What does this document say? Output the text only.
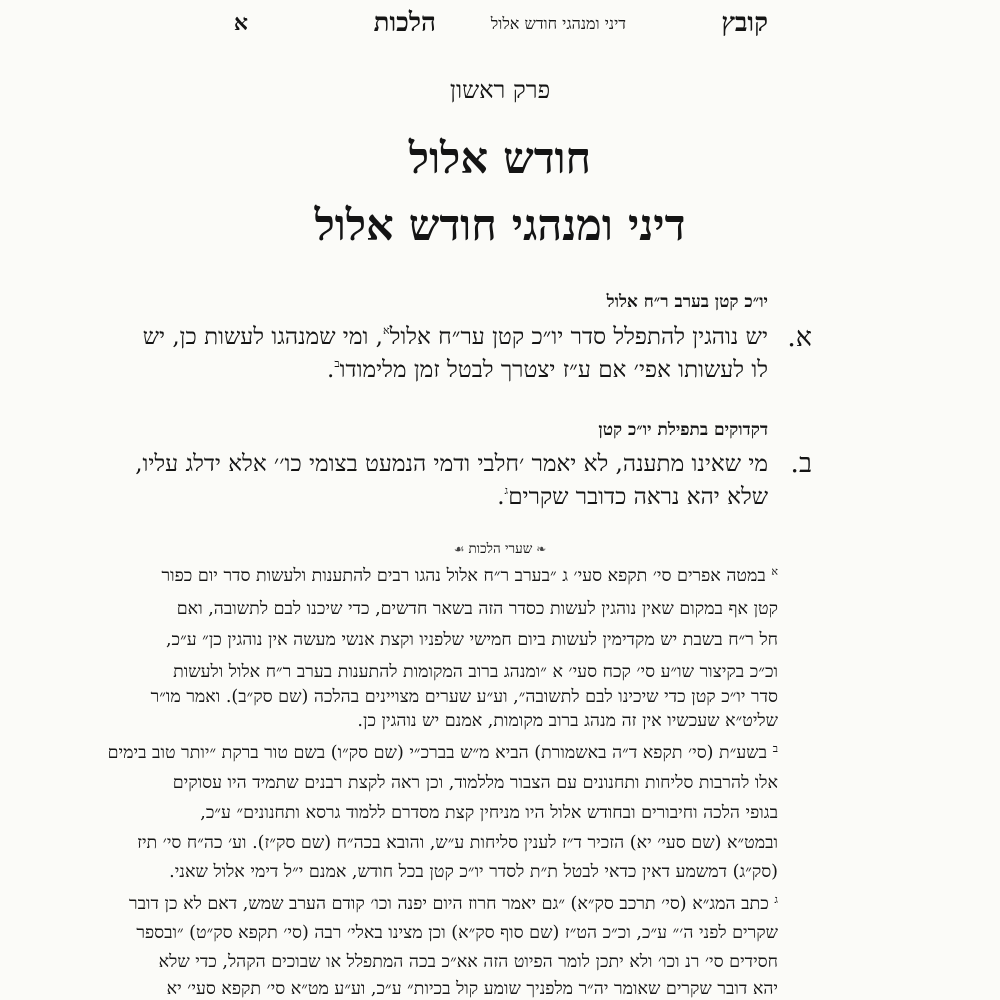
קובץ
דיני ומנהגי חודש אלול
הלכות
א
פרק ראשון
חודש אלול
דיני ומנהגי חודש אלול
יו״כ קטן בערב ר״ח אלול
א.
יש נוהגין להתפלל סדר יו״כ קטן ער״ח אלול$^א$, ומי שמנהגו לעשות כן, יש
לו לעשותו אפי׳ אם ע״ז יצטרך לבטל זמן מלימודו$^ב$.
דקדוקים בתפילת יו״כ קטן
ב.
מי שאינו מתענה, לא יאמר ׳חלבי ודמי הנמעט בצומי כו׳׳ אלא ידלג עליו,
שלא יהא נראה כדובר שקרים$^ג$.
❧שערי הלכות☙
$^א$ במטה אפרים סי׳ תקפא סעי׳ ג ״בערב ר״ח אלול נהגו רבים להתענות ולעשות סדר יום כפור
קטן אף במקום שאין נוהגין לעשות כסדר הזה בשאר חדשים, כדי שיכנו לבם לתשובה, ואם
חל ר״ח בשבת יש מקדימין לעשות ביום חמישי שלפניו וקצת אנשי מעשה אין נוהגין כן״ ע״כ,
וכ״כ בקיצור שו״ע סי׳ קכח סעי׳ א ״ומנהג ברוב המקומות להתענות בערב ר״ח אלול ולעשות
סדר יו״כ קטן כדי שיכינו לבם לתשובה״, וע״ע שערים מצויינים בהלכה (שם סק״ב). ואמר מו״ר
שליט״א שעכשיו אין זה מנהג ברוב מקומות, אמנם יש נוהגין כן.
$^ב$ בשע״ת (סי׳ תקפא ד״ה באשמורת) הביא מ״ש בברכ״י (שם סק״ו) בשם טור ברקת ״יותר טוב בימים
אלו להרבות סליחות ותחנונים עם הצבור מללמוד, וכן ראה לקצת רבנים שתמיד היו עסוקים
בגופי הלכה וחיבורים ובחודש אלול היו מניחין קצת מסדרם ללמוד גרסא ותחנונים״ ע״כ,
ובמט״א (שם סעי׳ יא) הזכיר ד״ז לענין סליחות ע״ש, והובא בכה״ח (שם סק״ז). וע׳ כה״ח סי׳ תיז
(סק״ג) דמשמע דאין כדאי לבטל ת״ת לסדר יו״כ קטן בכל חודש, אמנם י״ל דימי אלול שאני.
$^ג$ כתב המג״א (סי׳ תרכב סק״א) ״גם יאמר חרוז היום יפנה וכו׳ קודם הערב שמש, דאם לא כן דובר
שקרים לפני ה׳״ ע״כ, וכ״כ הט״ז (שם סוף סק״א) וכן מצינו באלי׳ רבה (סי׳ תקפא סק״ט) ״ובספר
חסידים סי׳ רנ וכו׳ ולא יתכן לומר הפיוט הזה אא״כ בכה המתפלל או שבוכים הקהל, כדי שלא
יהא דובר שקרים שאומר יה״ר מלפניך שומע קול בכיות״ ע״כ, וע״ע מט״א סי׳ תקפא סעי׳ יא
